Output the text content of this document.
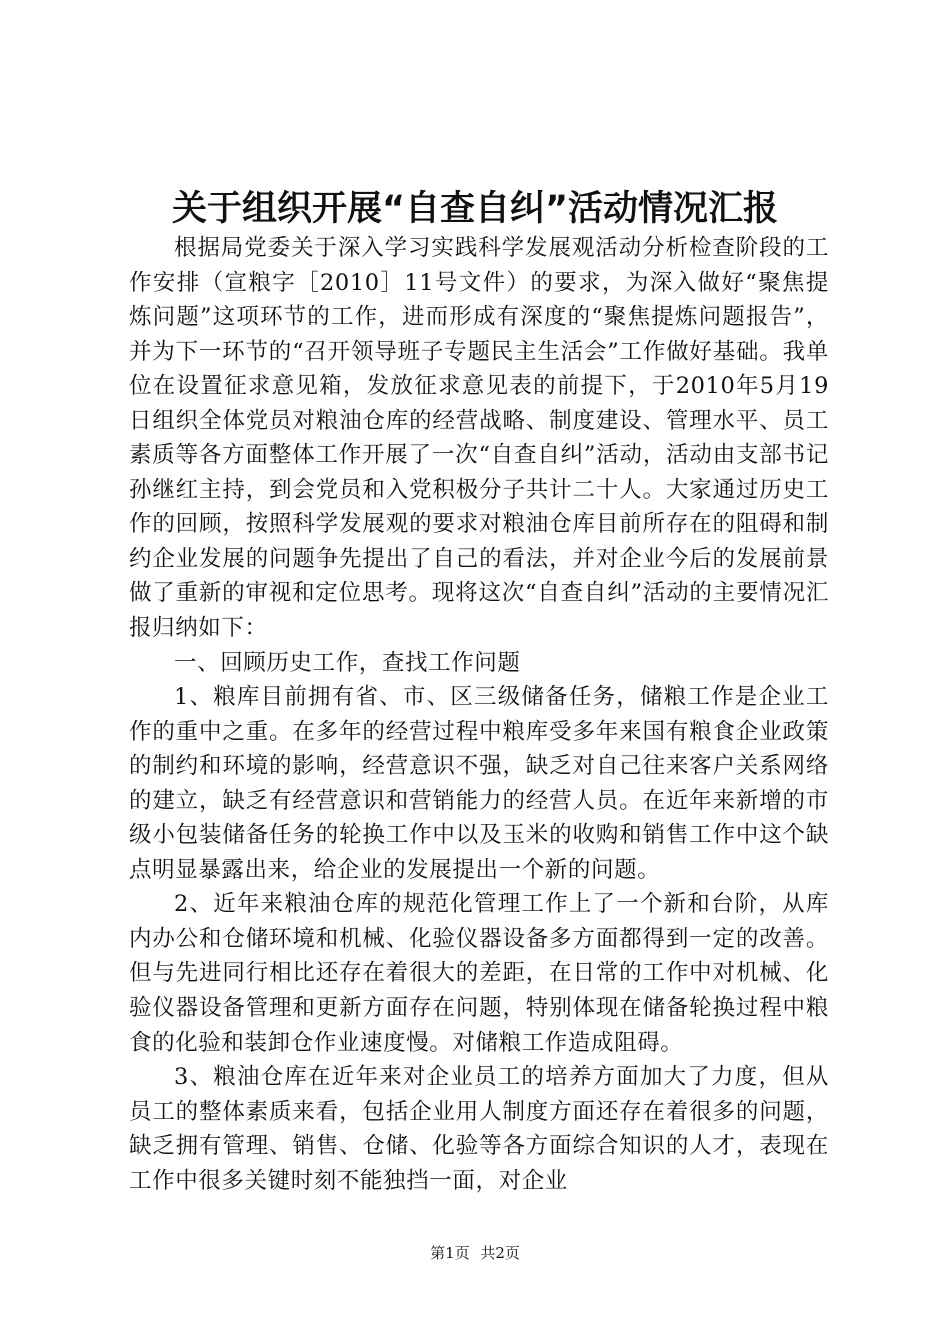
关于组织开展“自查自纠”活动情况汇报

根据局党委关于深入学习实践科学发展观活动分析检查阶段的工作安排（宣粮字［2010］11号文件）的要求，为深入做好“聚焦提炼问题”这项环节的工作，进而形成有深度的“聚焦提炼问题报告”，并为下一环节的“召开领导班子专题民主生活会”工作做好基础。我单位在设置征求意见箱，发放征求意见表的前提下，于2010年5月19日组织全体党员对粮油仓库的经营战略、制度建设、管理水平、员工素质等各方面整体工作开展了一次“自查自纠”活动，活动由支部书记孙继红主持，到会党员和入党积极分子共计二十人。大家通过历史工作的回顾，按照科学发展观的要求对粮油仓库目前所存在的阻碍和制约企业发展的问题争先提出了自己的看法，并对企业今后的发展前景做了重新的审视和定位思考。现将这次“自查自纠”活动的主要情况汇报归纳如下：

一、回顾历史工作，查找工作问题

1、粮库目前拥有省、市、区三级储备任务，储粮工作是企业工作的重中之重。在多年的经营过程中粮库受多年来国有粮食企业政策的制约和环境的影响，经营意识不强，缺乏对自己往来客户关系网络的建立，缺乏有经营意识和营销能力的经营人员。在近年来新增的市级小包装储备任务的轮换工作中以及玉米的收购和销售工作中这个缺点明显暴露出来，给企业的发展提出一个新的问题。

2、近年来粮油仓库的规范化管理工作上了一个新和台阶，从库内办公和仓储环境和机械、化验仪器设备多方面都得到一定的改善。但与先进同行相比还存在着很大的差距，在日常的工作中对机械、化验仪器设备管理和更新方面存在问题，特别体现在储备轮换过程中粮食的化验和装卸仓作业速度慢。对储粮工作造成阻碍。

3、粮油仓库在近年来对企业员工的培养方面加大了力度，但从员工的整体素质来看，包括企业用人制度方面还存在着很多的问题，缺乏拥有管理、销售、仓储、化验等各方面综合知识的人才，表现在工作中很多关键时刻不能独挡一面，对企业

第1页 共2页
